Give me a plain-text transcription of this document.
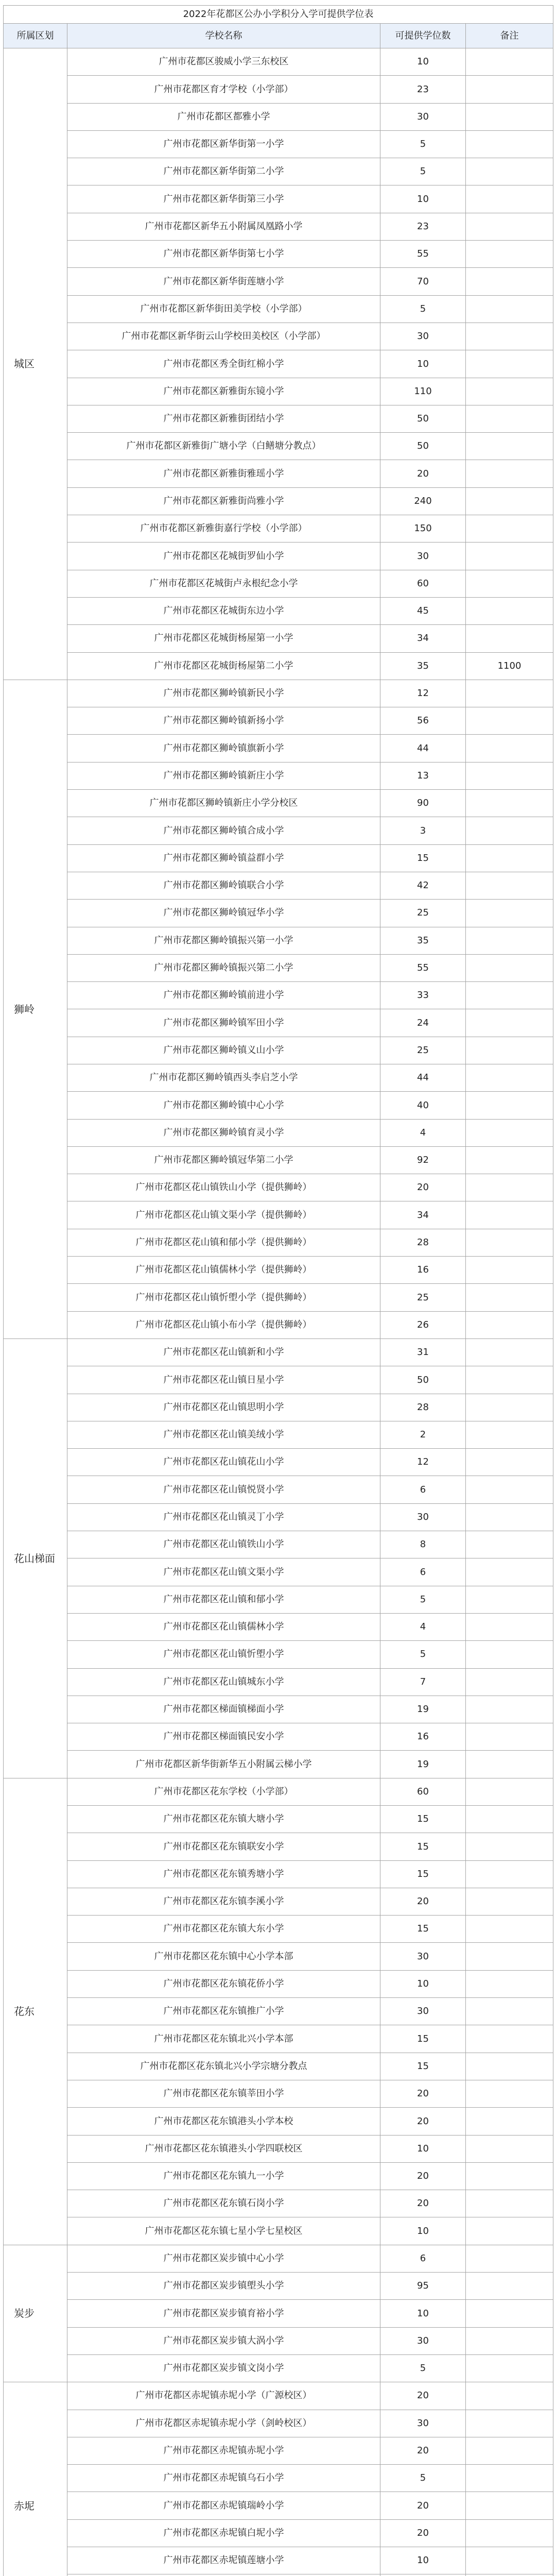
2022年花都区公办小学积分入学可提供学位表			
所属区划	学校名称	可提供学位数	备注
城区	广州市花都区骏威小学三东校区	10	
	广州市花都区育才学校（小学部）	23	
	广州市花都区都雅小学	30	
	广州市花都区新华街第一小学	5	
	广州市花都区新华街第二小学	5	
	广州市花都区新华街第三小学	10	
	广州市花都区新华五小附属凤凰路小学	23	
	广州市花都区新华街第七小学	55	
	广州市花都区新华街莲塘小学	70	
	广州市花都区新华街田美学校（小学部）	5	
	广州市花都区新华街云山学校田美校区（小学部）	30	
	广州市花都区秀全街红棉小学	10	
	广州市花都区新雅街东镜小学	110	
	广州市花都区新雅街团结小学	50	
	广州市花都区新雅街广塘小学（白鳝塘分教点）	50	
	广州市花都区新雅街雅瑶小学	20	
	广州市花都区新雅街尚雅小学	240	
	广州市花都区新雅街嘉行学校（小学部）	150	
	广州市花都区花城街罗仙小学	30	
	广州市花都区花城街卢永根纪念小学	60	
	广州市花都区花城街东边小学	45	
	广州市花都区花城街杨屋第一小学	34	
	广州市花都区花城街杨屋第二小学	35	1100
狮岭	广州市花都区狮岭镇新民小学	12	
	广州市花都区狮岭镇新扬小学	56	
	广州市花都区狮岭镇旗新小学	44	
	广州市花都区狮岭镇新庄小学	13	
	广州市花都区狮岭镇新庄小学分校区	90	
	广州市花都区狮岭镇合成小学	3	
	广州市花都区狮岭镇益群小学	15	
	广州市花都区狮岭镇联合小学	42	
	广州市花都区狮岭镇冠华小学	25	
	广州市花都区狮岭镇振兴第一小学	35	
	广州市花都区狮岭镇振兴第二小学	55	
	广州市花都区狮岭镇前进小学	33	
	广州市花都区狮岭镇军田小学	24	
	广州市花都区狮岭镇义山小学	25	
	广州市花都区狮岭镇西头李启芝小学	44	
	广州市花都区狮岭镇中心小学	40	
	广州市花都区狮岭镇育灵小学	4	
	广州市花都区狮岭镇冠华第二小学	92	
	广州市花都区花山镇铁山小学（提供狮岭）	20	
	广州市花都区花山镇文渠小学（提供狮岭）	34	
	广州市花都区花山镇和郁小学（提供狮岭）	28	
	广州市花都区花山镇儒林小学（提供狮岭）	16	
	广州市花都区花山镇忻塱小学（提供狮岭）	25	
	广州市花都区花山镇小布小学（提供狮岭）	26	
花山梯面	广州市花都区花山镇新和小学	31	
	广州市花都区花山镇日星小学	50	
	广州市花都区花山镇思明小学	28	
	广州市花都区花山镇美绒小学	2	
	广州市花都区花山镇花山小学	12	
	广州市花都区花山镇悦贤小学	6	
	广州市花都区花山镇灵丁小学	30	
	广州市花都区花山镇铁山小学	8	
	广州市花都区花山镇文渠小学	6	
	广州市花都区花山镇和郁小学	5	
	广州市花都区花山镇儒林小学	4	
	广州市花都区花山镇忻塱小学	5	
	广州市花都区花山镇城东小学	7	
	广州市花都区梯面镇梯面小学	19	
	广州市花都区梯面镇民安小学	16	
	广州市花都区新华街新华五小附属云梯小学	19	
花东	广州市花都区花东学校（小学部）	60	
	广州市花都区花东镇大塘小学	15	
	广州市花都区花东镇联安小学	15	
	广州市花都区花东镇秀塘小学	15	
	广州市花都区花东镇李溪小学	20	
	广州市花都区花东镇大东小学	15	
	广州市花都区花东镇中心小学本部	30	
	广州市花都区花东镇花侨小学	10	
	广州市花都区花东镇推广小学	30	
	广州市花都区花东镇北兴小学本部	15	
	广州市花都区花东镇北兴小学宗塘分教点	15	
	广州市花都区花东镇莘田小学	20	
	广州市花都区花东镇港头小学本校	20	
	广州市花都区花东镇港头小学四联校区	10	
	广州市花都区花东镇九一小学	20	
	广州市花都区花东镇石岗小学	20	
	广州市花都区花东镇七星小学七星校区	10	
炭步	广州市花都区炭步镇中心小学	6	
	广州市花都区炭步镇塱头小学	95	
	广州市花都区炭步镇育裕小学	10	
	广州市花都区炭步镇大涡小学	30	
	广州市花都区炭步镇文岗小学	5	
赤坭	广州市花都区赤坭镇赤坭小学（广源校区）	20	
	广州市花都区赤坭镇赤坭小学（剑岭校区）	30	
	广州市花都区赤坭镇赤坭小学	20	
	广州市花都区赤坭镇乌石小学	5	
	广州市花都区赤坭镇瑞岭小学	20	
	广州市花都区赤坭镇白坭小学	20	
	广州市花都区赤坭镇莲塘小学	10	
